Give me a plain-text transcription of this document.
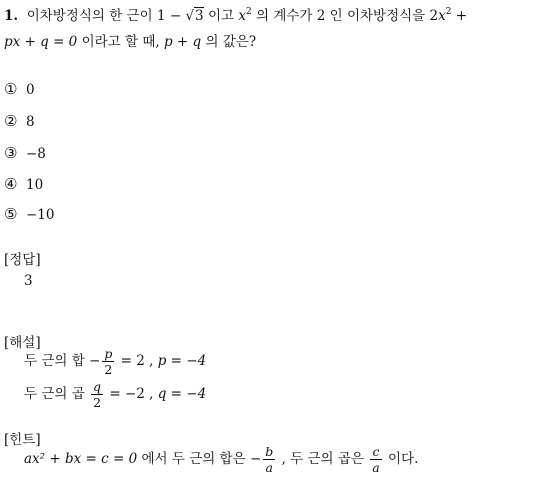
1. 이차방정식의 한 근이 1 − √3 이고 $x^2$ 의 계수가 2 인 이차방정식을 $2x^2$ +
px + q = 0 이라고 할 때, p + q 의 값은?
① 0
② 8
③ −8
④ 10
⑤ −10
[정답]
3
[해설]
두 근의 합 − $\frac{p}{2} = 2$ , p = −4
두 근의 곱 $\frac{q}{2} = -2$ , q = −4
[힌트]
ax² + bx = c = 0 에서 두 근의 합은 − $\frac{b}{a}$ , 두 근의 곱은 $\frac{c}{a}$ 이다.
